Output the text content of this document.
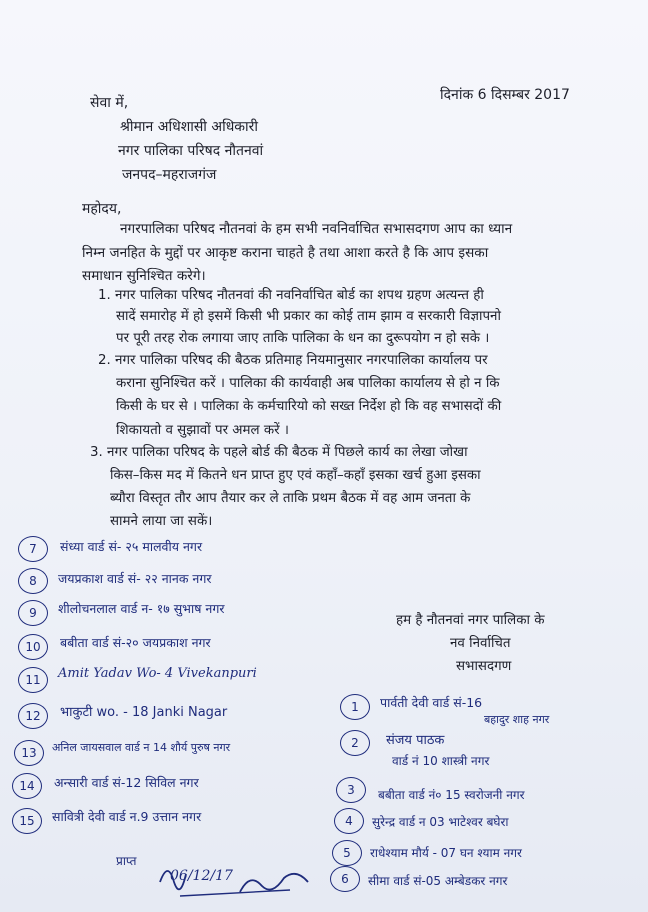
दिनांक 6 दिसम्बर 2017
सेवा में,
श्रीमान अधिशासी अधिकारी
नगर पालिका परिषद नौतनवां
जनपद–महराजगंज
महोदय,
नगरपालिका परिषद नौतनवां के हम सभी नवनिर्वाचित सभासदगण आप का ध्यान
निम्न जनहित के मुद्दों पर आकृष्ट कराना चाहते है तथा आशा करते है कि आप इसका
समाधान सुनिश्चित करेगे।
1. नगर पालिका परिषद नौतनवां की नवनिर्वाचित बोर्ड का शपथ ग्रहण अत्यन्त ही
सादें समारोह में हो इसमें किसी भी प्रकार का कोई ताम झाम व सरकारी विज्ञापनो
पर पूरी तरह रोक लगाया जाए ताकि पालिका के धन का दुरूपयोग न हो सके ।
2. नगर पालिका परिषद की बैठक प्रतिमाह नियमानुसार नगरपालिका कार्यालय पर
कराना सुनिश्चित करें । पालिका की कार्यवाही अब पालिका कार्यालय से हो न कि
किसी के घर से । पालिका के कर्मचारियो को सख्त निर्देश हो कि वह सभासदों की
शिकायतो व सुझावों पर अमल करें ।
3. नगर पालिका परिषद के पहले बोर्ड की बैठक में पिछले कार्य का लेखा जोखा
किस–किस मद में कितने धन प्राप्त हुए एवं कहॉं–कहॉं इसका खर्च हुआ इसका
ब्यौरा विस्तृत तौर आप तैयार कर ले ताकि प्रथम बैठक में वह आम जनता के
सामने लाया जा सकें।
हम है नौतनवां नगर पालिका के
नव निर्वाचित
सभासदगण
7	संध्या वार्ड सं- २५ मालवीय नगर
8	जयप्रकाश वार्ड सं- २२ नानक नगर
9	शीलोचनलाल वार्ड न- १७ सुभाष नगर
10	बबीता वार्ड सं-२० जयप्रकाश नगर
11	Amit Yadav Wo- 4 Vivekanpuri
12	भाकुटी wo. - 18 Janki Nagar
13	अनिल जायसवाल वार्ड न 14 शौर्य पुरुष नगर
14	अन्सारी वार्ड सं-12 सिविल नगर
15	सावित्री देवी वार्ड न.9 उत्तान नगर
1	पार्वती देवी वार्ड सं-16
बहादुर शाह नगर
2	संजय पाठक
वार्ड नं 10 शास्त्री नगर
3	बबीता वार्ड नं० 15 स्वरोजनी नगर
4	सुरेन्द्र वार्ड न 03 भाटेश्वर बघेरा
5	राधेश्याम मौर्य - 07 घन श्याम नगर
6	सीमा वार्ड सं-05 अम्बेडकर नगर
प्राप्त
06/12/17
